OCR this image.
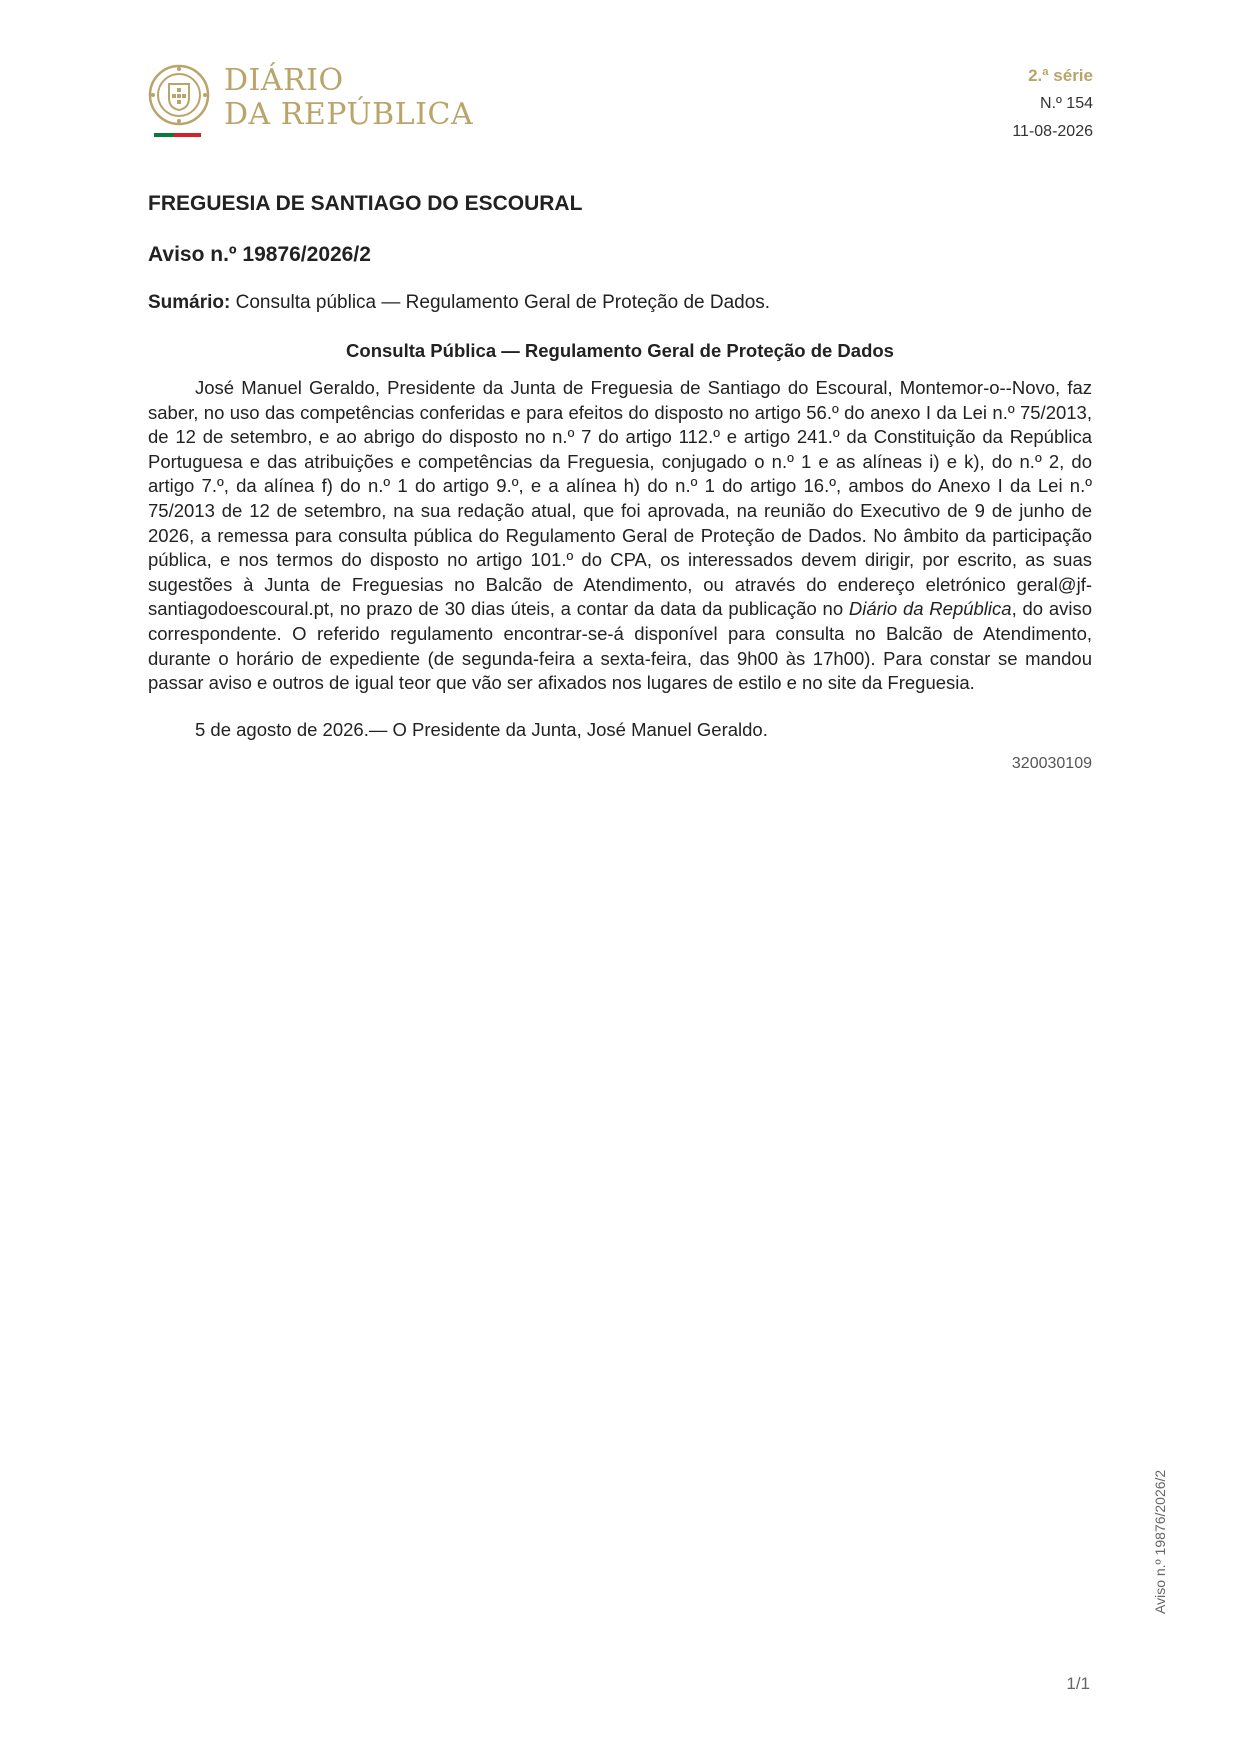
DIÁRIO
DA REPÚBLICA
2.ª série
N.º 154
11-08-2026
FREGUESIA DE SANTIAGO DO ESCOURAL
Aviso n.º 19876/2026/2

Sumário: Consulta pública — Regulamento Geral de Proteção de Dados.

Consulta Pública — Regulamento Geral de Proteção de Dados

José Manuel Geraldo, Presidente da Junta de Freguesia de Santiago do Escoural, Montemor-o--Novo, faz saber, no uso das competências conferidas e para efeitos do disposto no artigo 56.º do anexo I da Lei n.º 75/2013, de 12 de setembro, e ao abrigo do disposto no n.º 7 do artigo 112.º e artigo 241.º da Constituição da República Portuguesa e das atribuições e competências da Freguesia, conjugado o n.º 1 e as alíneas i) e k), do n.º 2, do artigo 7.º, da alínea f) do n.º 1 do artigo 9.º, e a alínea h) do n.º 1 do artigo 16.º, ambos do Anexo I da Lei n.º 75/2013 de 12 de setembro, na sua redação atual, que foi aprovada, na reunião do Executivo de 9 de junho de 2026, a remessa para consulta pública do Regulamento Geral de Proteção de Dados. No âmbito da participação pública, e nos termos do disposto no artigo 101.º do CPA, os interessados devem dirigir, por escrito, as suas sugestões à Junta de Freguesias no Balcão de Atendimento, ou através do endereço eletrónico geral@jf-santiagodoescoural.pt, no prazo de 30 dias úteis, a contar da data da publicação no Diário da República, do aviso correspondente. O referido regulamento encontrar-se-á disponível para consulta no Balcão de Atendimento, durante o horário de expediente (de segunda-feira a sexta-feira, das 9h00 às 17h00). Para constar se mandou passar aviso e outros de igual teor que vão ser afixados nos lugares de estilo e no site da Freguesia.

5 de agosto de 2026.— O Presidente da Junta, José Manuel Geraldo.

320030109
Aviso n.º 19876/2026/2
1/1
